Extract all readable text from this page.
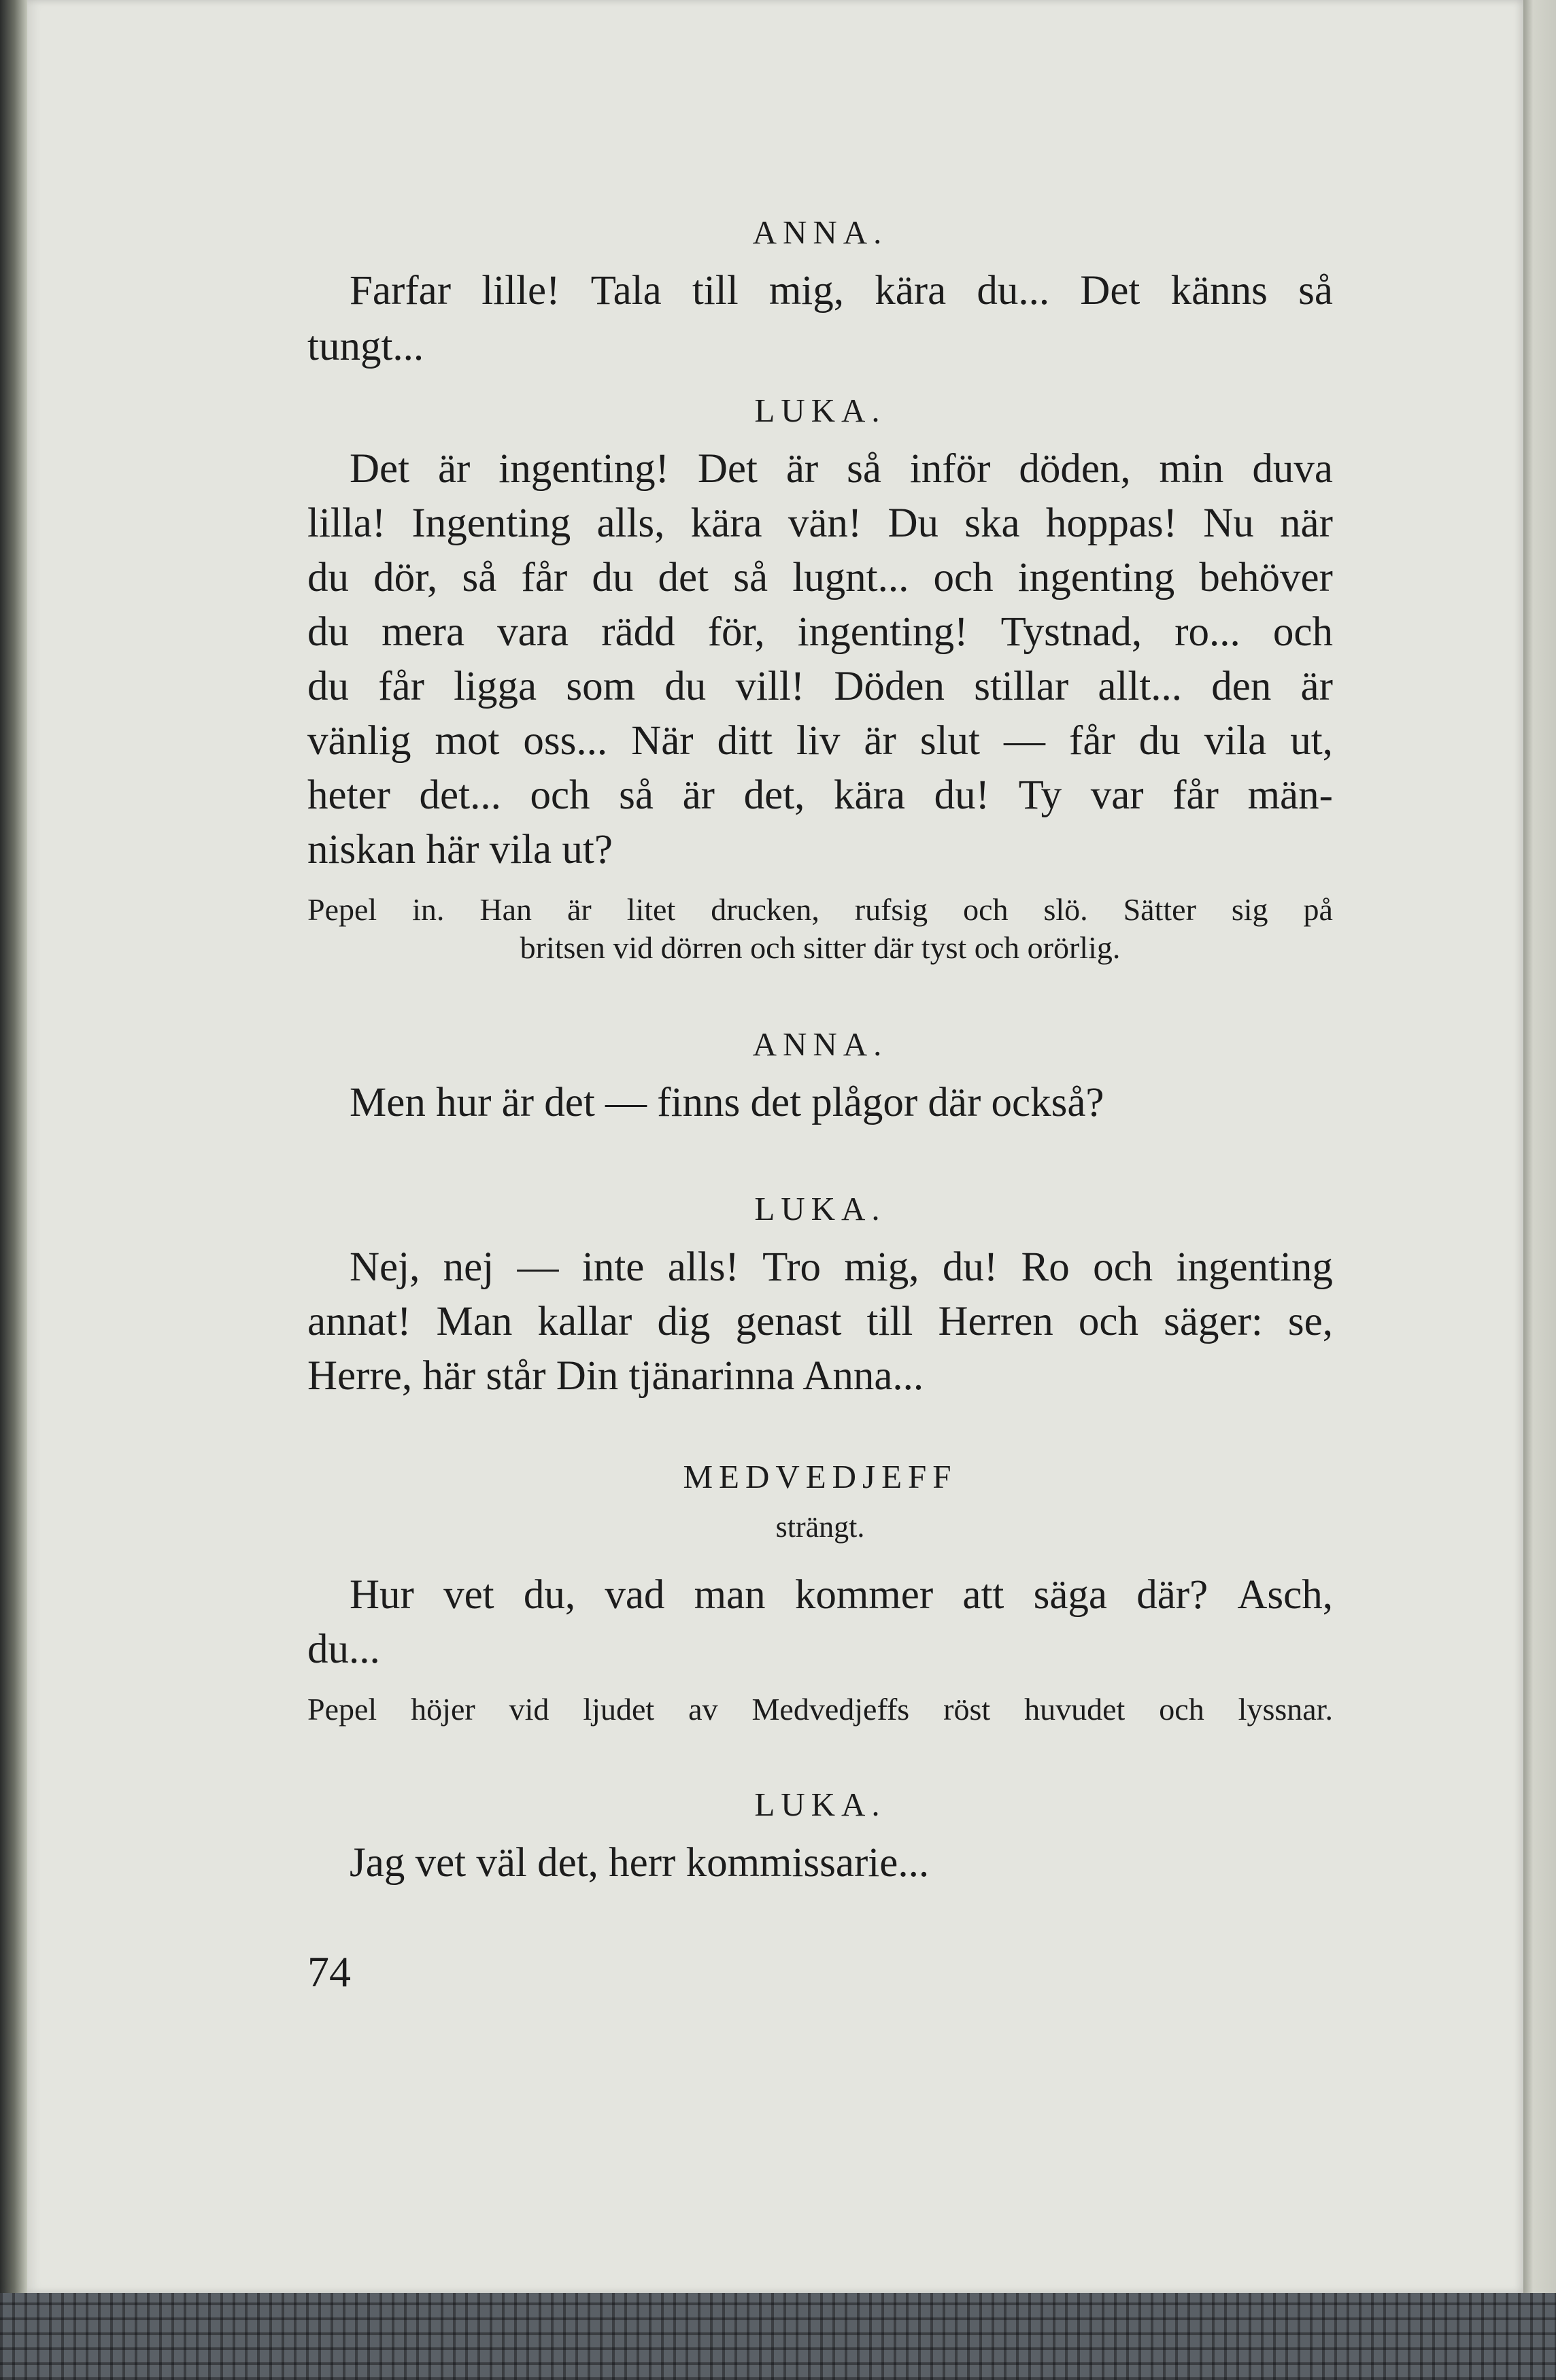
ANNA.
Farfar lille! Tala till mig, kära du... Det känns så
tungt...
LUKA.
Det är ingenting! Det är så inför döden, min duva
lilla! Ingenting alls, kära vän! Du ska hoppas! Nu när
du dör, så får du det så lugnt... och ingenting behöver
du mera vara rädd för, ingenting! Tystnad, ro... och
du får ligga som du vill! Döden stillar allt... den är
vänlig mot oss... När ditt liv är slut — får du vila ut,
heter det... och så är det, kära du! Ty var får män-
niskan här vila ut?
Pepel in. Han är litet drucken, rufsig och slö. Sätter sig på
britsen vid dörren och sitter där tyst och orörlig.
ANNA.
Men hur är det — finns det plågor där också?
LUKA.
Nej, nej — inte alls! Tro mig, du! Ro och ingenting
annat! Man kallar dig genast till Herren och säger: se,
Herre, här står Din tjänarinna Anna...
MEDVEDJEFF
strängt.
Hur vet du, vad man kommer att säga där? Asch,
du...
Pepel höjer vid ljudet av Medvedjeffs röst huvudet och lyssnar.
LUKA.
Jag vet väl det, herr kommissarie...
74
